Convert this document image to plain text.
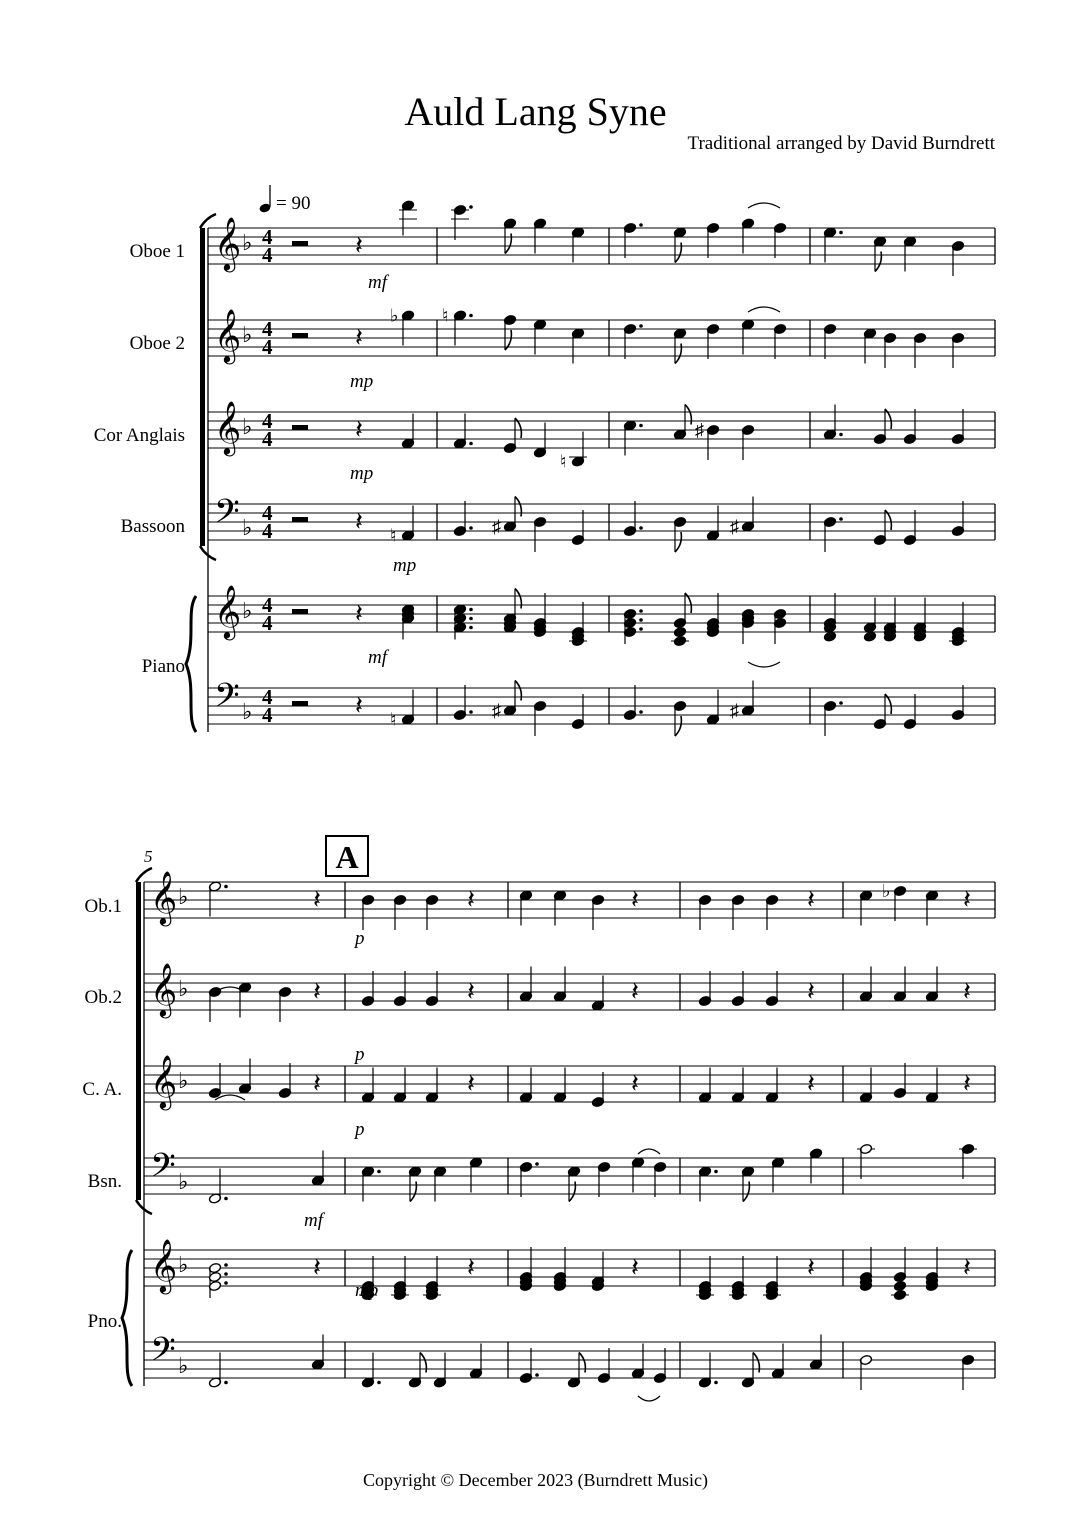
Auld Lang Syne
Traditional arranged by David Burndrett
Copyright © December 2023 (Burndrett Music)
= 90
Oboe 1
Oboe 2
Cor Anglais
Bassoon
Piano
𝄞 ♭ 4
4	𝄽
𝄞 ♭ 4
4	𝄽
♭ ♮
𝄞 ♭ 4
4	𝄽
♮
♯
𝄢 ♭
4
4	𝄽 ♮	♯	♯
𝄞 ♭ 4
4	𝄽
𝄢 ♭
4
4	𝄽 ♮	♯	♯
𝄞 ♭	𝄽	𝄽	𝄽	𝄽	♭	𝄽
𝄞 ♭	𝄽	𝄽	𝄽	𝄽	𝄽
𝄞 ♭	𝄽	𝄽	𝄽	𝄽	𝄽
𝄢 ♭
𝄞 ♭	𝄽	𝄽	𝄽	𝄽	𝄽
𝄢 ♭
mf
mp
mp
mp
mf
5	A
Ob.1
Ob.2
C. A.
Bsn.
Pno.
p
p
p
mf
mp
